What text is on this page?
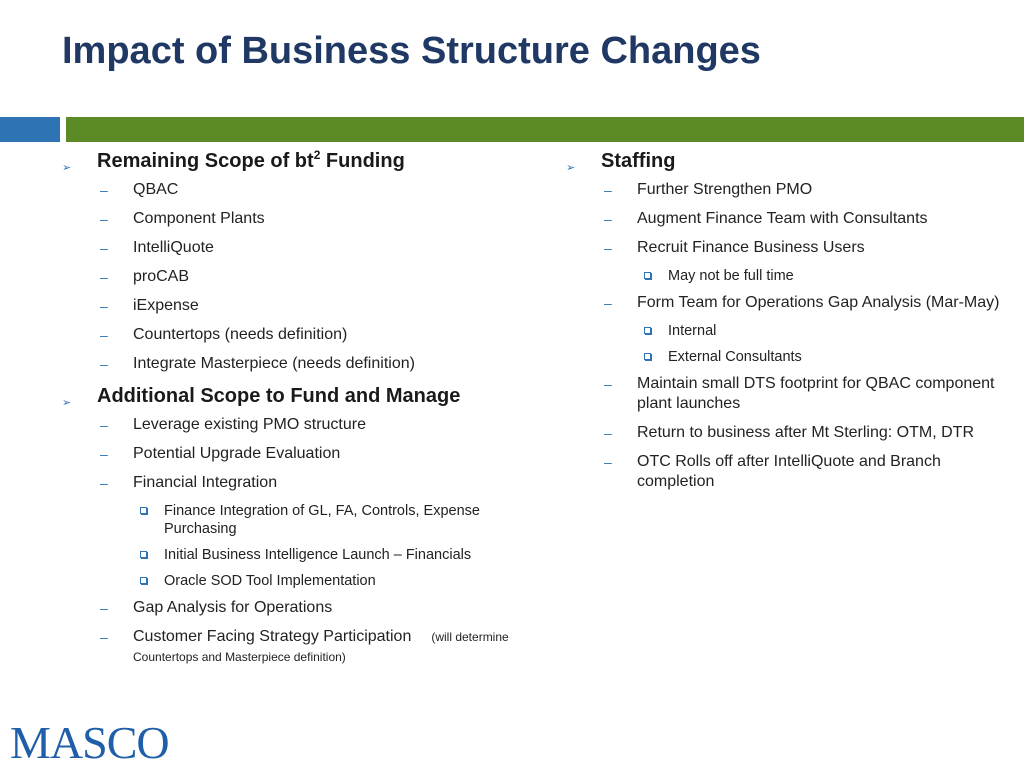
Impact of Business Structure Changes
➢ Remaining Scope of $bt^2$ Funding
– QBAC
– Component Plants
– IntelliQuote
– proCAB
– iExpense
– Countertops (needs definition)
– Integrate Masterpiece (needs definition)
➢ Additional Scope to Fund and Manage
– Leverage existing PMO structure
– Potential Upgrade Evaluation
– Financial Integration
Finance Integration of GL, FA, Controls, Expense Purchasing
Initial Business Intelligence Launch – Financials
Oracle SOD Tool Implementation
– Gap Analysis for Operations
– Customer Facing Strategy Participation (will determine Countertops and Masterpiece definition)
➢ Staffing
– Further Strengthen PMO
– Augment Finance Team with Consultants
– Recruit Finance Business Users
May not be full time
– Form Team for Operations Gap Analysis (Mar-May)
Internal
External Consultants
– Maintain small DTS footprint for QBAC component plant launches
– Return to business after Mt Sterling: OTM, DTR
– OTC Rolls off after IntelliQuote and Branch completion
MASCO
